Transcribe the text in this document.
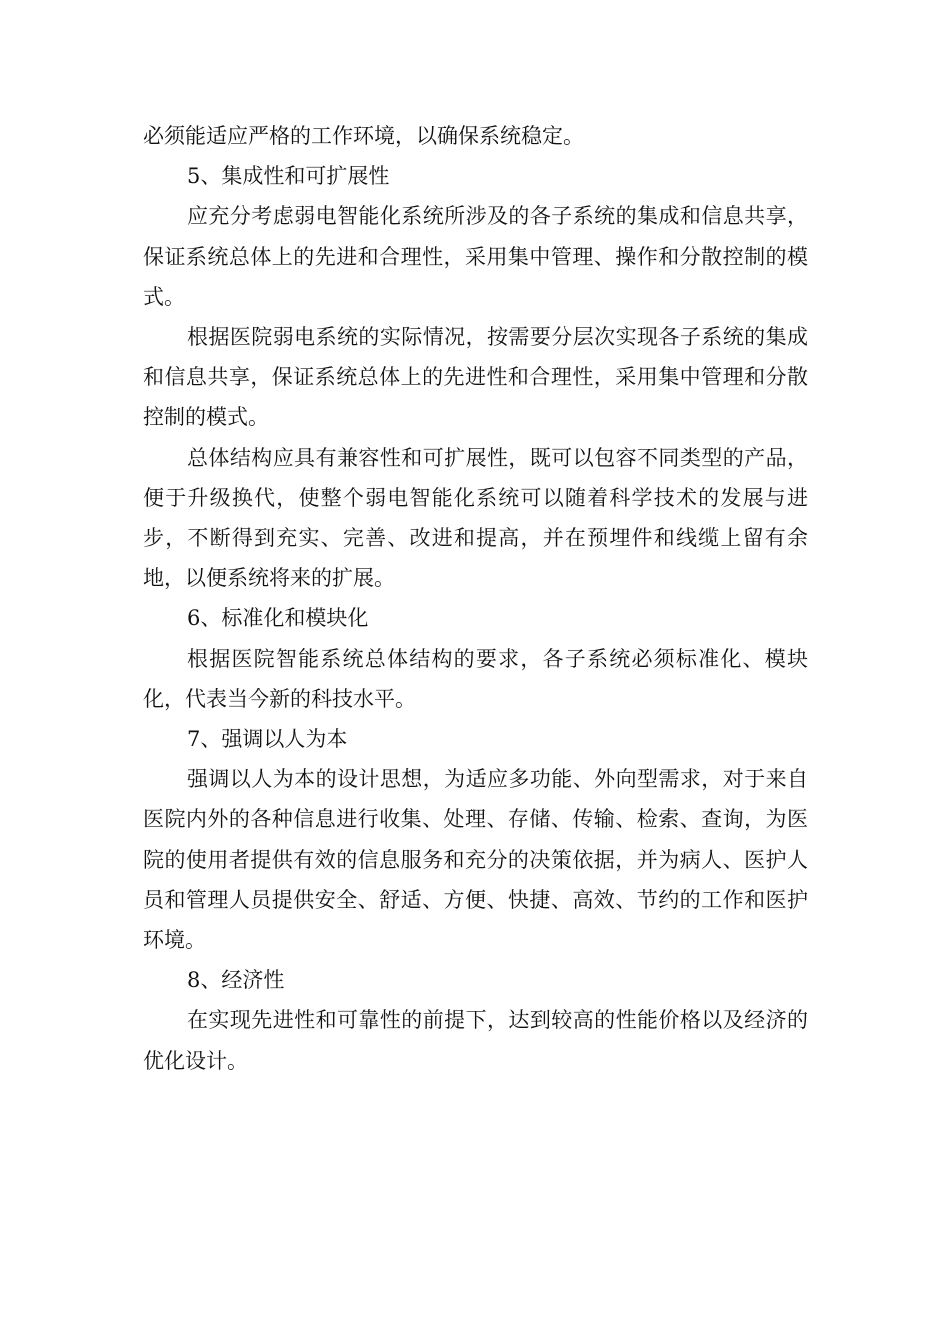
必须能适应严格的工作环境，以确保系统稳定。

5、集成性和可扩展性

应充分考虑弱电智能化系统所涉及的各子系统的集成和信息共享，保证系统总体上的先进和合理性，采用集中管理、操作和分散控制的模式。

根据医院弱电系统的实际情况，按需要分层次实现各子系统的集成和信息共享，保证系统总体上的先进性和合理性，采用集中管理和分散控制的模式。

总体结构应具有兼容性和可扩展性，既可以包容不同类型的产品，便于升级换代，使整个弱电智能化系统可以随着科学技术的发展与进步，不断得到充实、完善、改进和提高，并在预埋件和线缆上留有余地，以便系统将来的扩展。

6、标准化和模块化

根据医院智能系统总体结构的要求，各子系统必须标准化、模块化，代表当今新的科技水平。

7、强调以人为本

强调以人为本的设计思想，为适应多功能、外向型需求，对于来自医院内外的各种信息进行收集、处理、存储、传输、检索、查询，为医院的使用者提供有效的信息服务和充分的决策依据，并为病人、医护人员和管理人员提供安全、舒适、方便、快捷、高效、节约的工作和医护环境。

8、经济性

在实现先进性和可靠性的前提下，达到较高的性能价格以及经济的优化设计。
